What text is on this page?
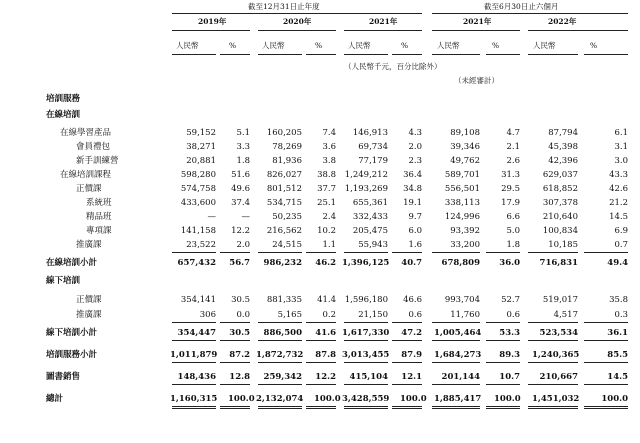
截至12月31日止年度	截至6月30日止六個月
2019年	2020年	2021年	2021年	2022年
人民幣	%	人民幣	%	人民幣	%	人民幣	%	人民幣	%
（人民幣千元，百分比除外）
（未經審計）
培訓服務
在線培訓
在線學習產品	59,152	5.1	160,205	7.4	146,913	4.3	89,108	4.7	87,794	6.1
會員禮包	38,271	3.3	78,269	3.6	69,734	2.0	39,346	2.1	45,398	3.1
新手訓練營	20,881	1.8	81,936	3.8	77,179	2.3	49,762	2.6	42,396	3.0
在線培訓課程	598,280	51.6	826,027	38.8	1,249,212	36.4	589,701	31.3	629,037	43.3
正價課	574,758	49.6	801,512	37.7	1,193,269	34.8	556,501	29.5	618,852	42.6
系統班	433,600	37.4	534,715	25.1	655,361	19.1	338,113	17.9	307,378	21.2
精品班	—	—	50,235	2.4	332,433	9.7	124,996	6.6	210,640	14.5
專項課	141,158	12.2	216,562	10.2	205,475	6.0	93,392	5.0	100,834	6.9
推廣課	23,522	2.0	24,515	1.1	55,943	1.6	33,200	1.8	10,185	0.7
在線培訓小計	657,432 56.7	986,232 46.2 1,396,125 40.7	678,809	36.0	716,831	49.4
線下培訓
正價課	354,141	30.5	881,335	41.4	1,596,180	46.6	993,704	52.7	519,017	35.8
推廣課	306	0.0	5,165	0.2	21,150	0.6	11,760	0.6	4,517	0.3
線下培訓小計	354,447 30.5	886,500 41.6 1,617,330 47.2 1,005,464	53.3	523,534	36.1
培訓服務小計	1,011,879 87.2 1,872,732 87.8 3,013,455 87.9 1,684,273	89.3 1,240,365	85.5
圖書銷售	148,436 12.8	259,342 12.2	415,104 12.1	201,144	10.7	210,667	14.5
總計	1,160,315 100.0 2,132,074 100.0 3,428,559 100.0 1,885,417 100.0 1,451,032	100.0
